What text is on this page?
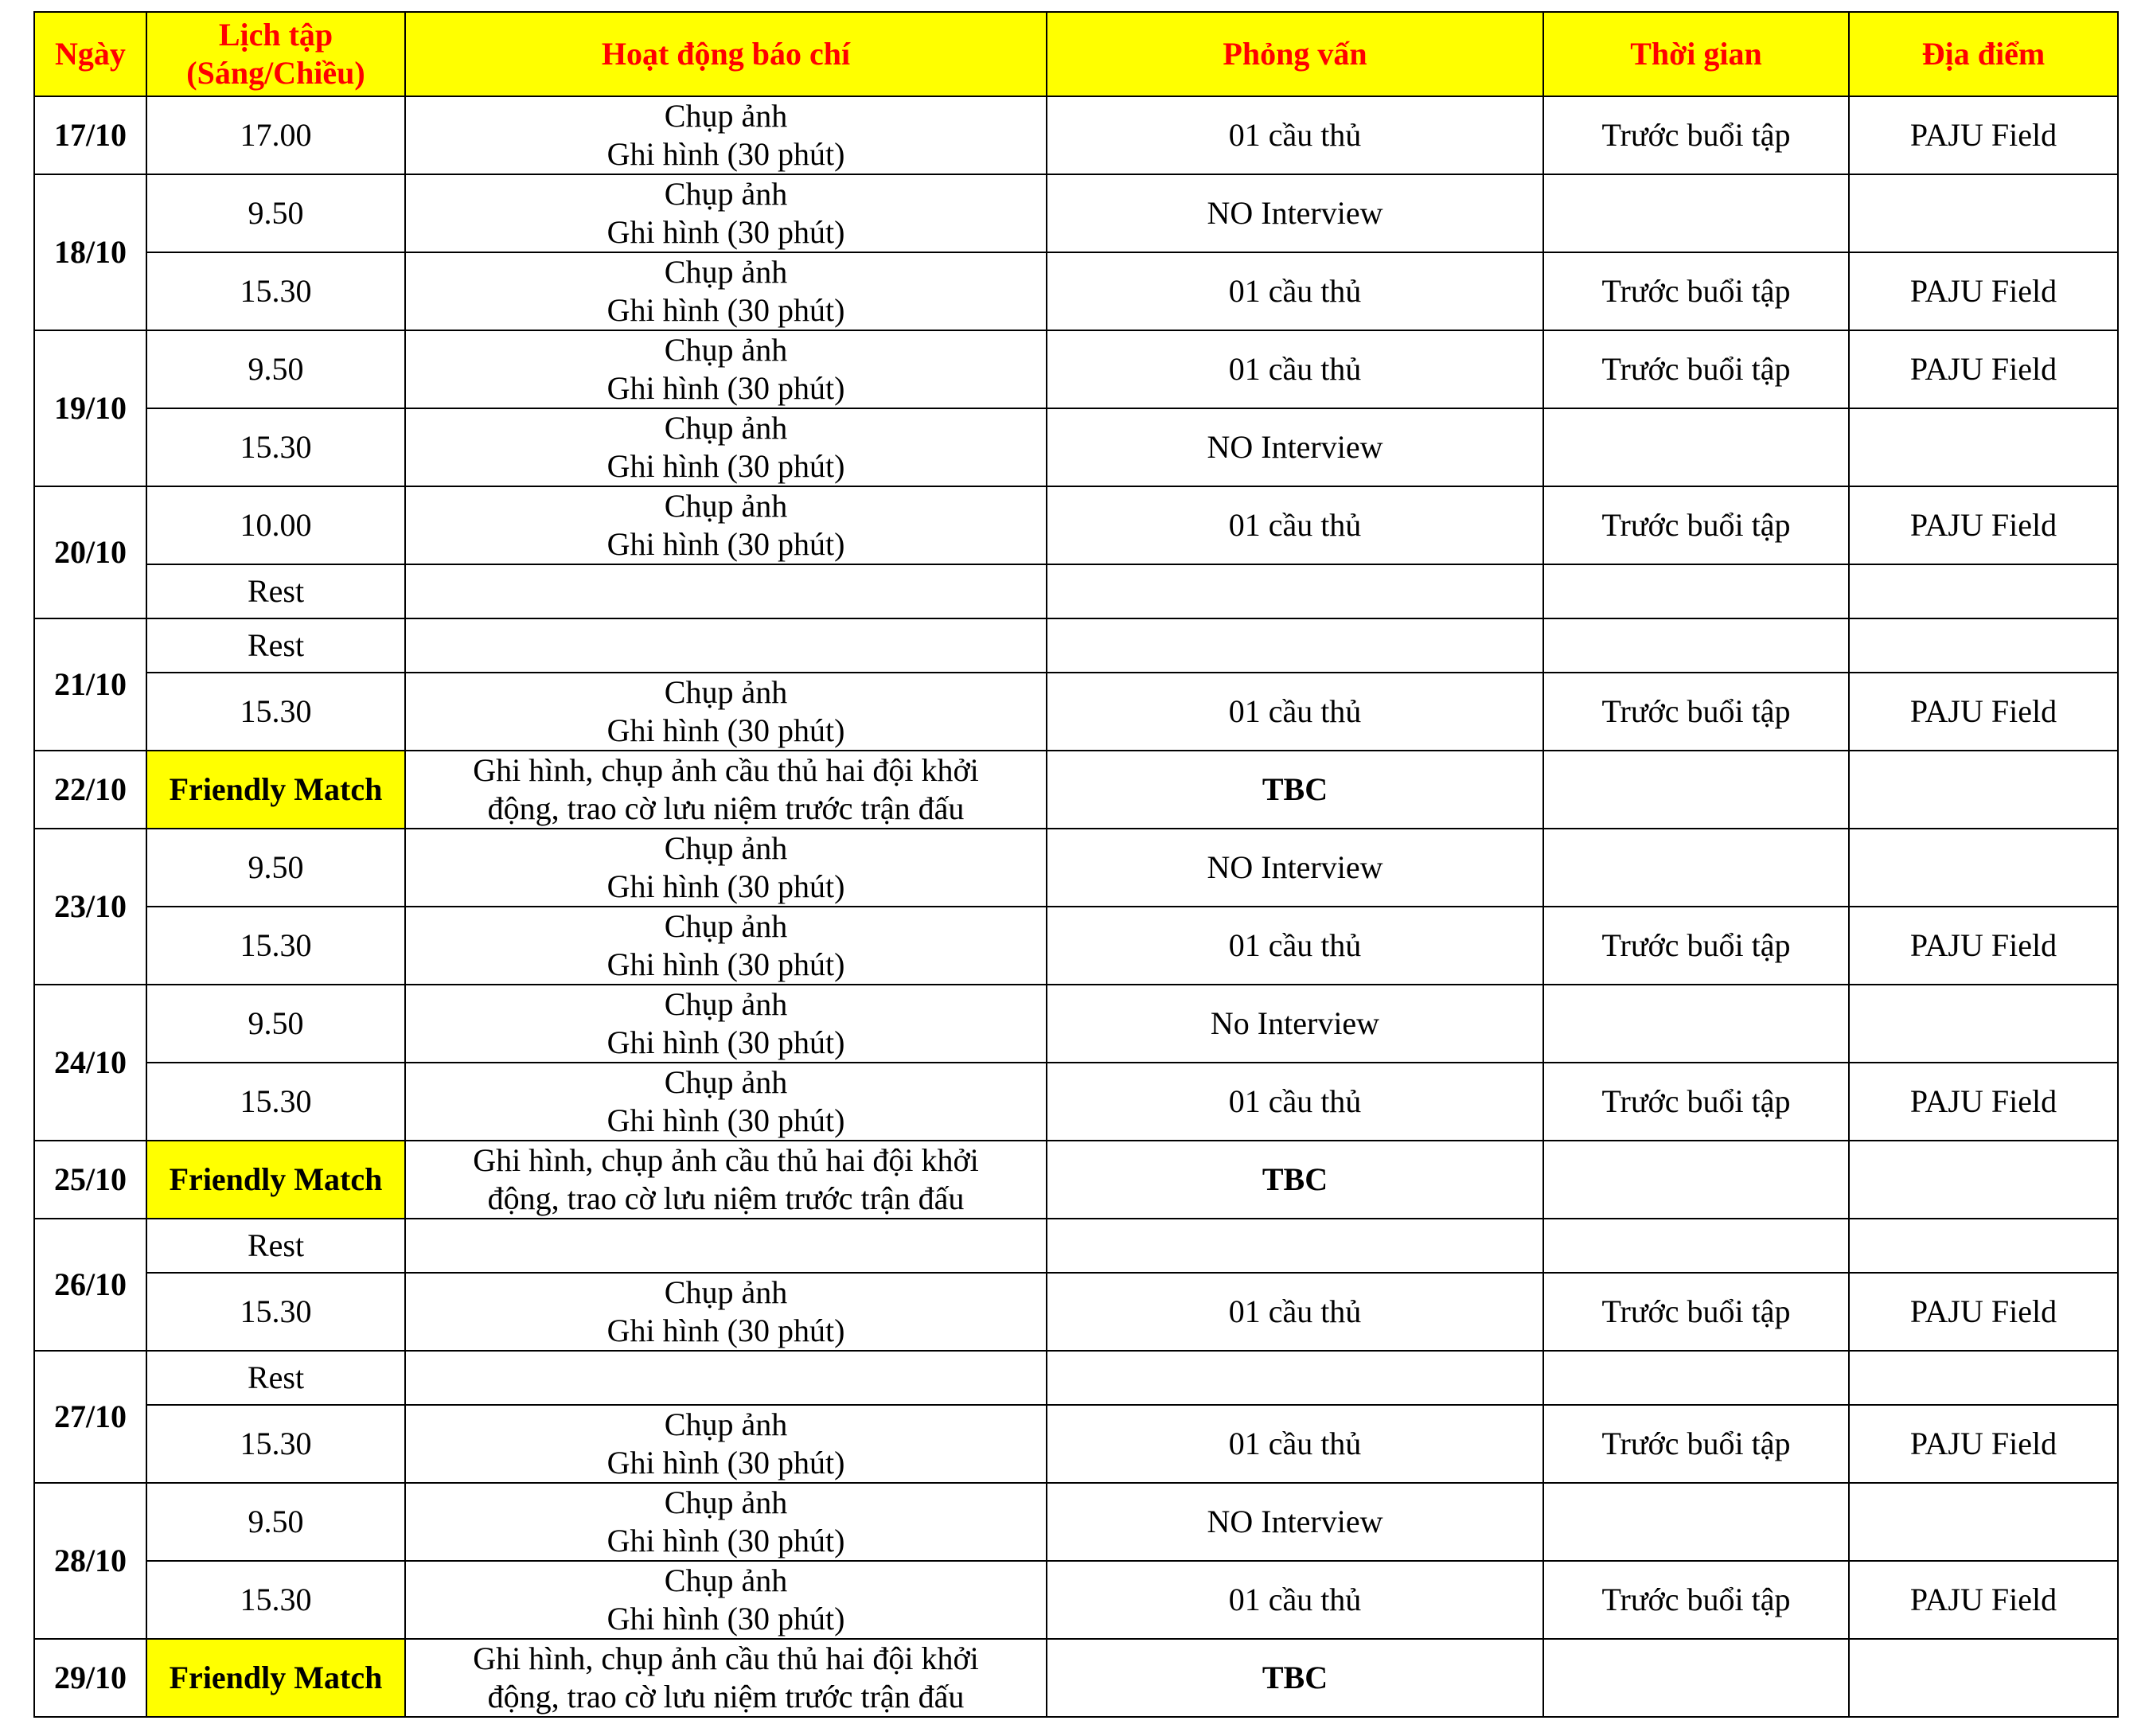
Ngày	Lịch tập
(Sáng/Chiều)	Hoạt động báo chí	Phỏng vấn	Thời gian	Địa điểm
17/10	17.00	Chụp ảnh
Ghi hình (30 phút)	01 cầu thủ	Trước buổi tập	PAJU Field
18/10	9.50	Chụp ảnh
Ghi hình (30 phút)	NO Interview		
	15.30	Chụp ảnh
Ghi hình (30 phút)	01 cầu thủ	Trước buổi tập	PAJU Field
19/10	9.50	Chụp ảnh
Ghi hình (30 phút)	01 cầu thủ	Trước buổi tập	PAJU Field
	15.30	Chụp ảnh
Ghi hình (30 phút)	NO Interview		
20/10	10.00	Chụp ảnh
Ghi hình (30 phút)	01 cầu thủ	Trước buổi tập	PAJU Field
	Rest				
21/10	Rest				
	15.30	Chụp ảnh
Ghi hình (30 phút)	01 cầu thủ	Trước buổi tập	PAJU Field
22/10	Friendly Match	Ghi hình, chụp ảnh cầu thủ hai đội khởi
động, trao cờ lưu niệm trước trận đấu	TBC		
23/10	9.50	Chụp ảnh
Ghi hình (30 phút)	NO Interview		
	15.30	Chụp ảnh
Ghi hình (30 phút)	01 cầu thủ	Trước buổi tập	PAJU Field
24/10	9.50	Chụp ảnh
Ghi hình (30 phút)	No Interview		
	15.30	Chụp ảnh
Ghi hình (30 phút)	01 cầu thủ	Trước buổi tập	PAJU Field
25/10	Friendly Match	Ghi hình, chụp ảnh cầu thủ hai đội khởi
động, trao cờ lưu niệm trước trận đấu	TBC		
26/10	Rest				
	15.30	Chụp ảnh
Ghi hình (30 phút)	01 cầu thủ	Trước buổi tập	PAJU Field
27/10	Rest				
	15.30	Chụp ảnh
Ghi hình (30 phút)	01 cầu thủ	Trước buổi tập	PAJU Field
28/10	9.50	Chụp ảnh
Ghi hình (30 phút)	NO Interview		
	15.30	Chụp ảnh
Ghi hình (30 phút)	01 cầu thủ	Trước buổi tập	PAJU Field
29/10	Friendly Match	Ghi hình, chụp ảnh cầu thủ hai đội khởi
động, trao cờ lưu niệm trước trận đấu	TBC		
